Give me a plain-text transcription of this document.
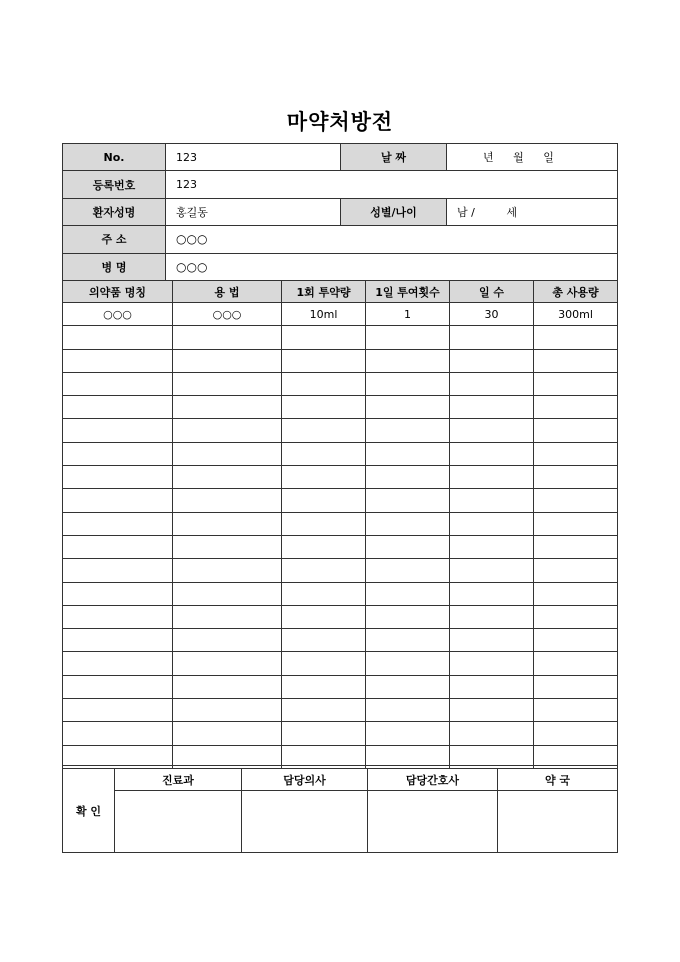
마약처방전
No.	123	날 짜	년 월 일
등록번호	123		
환자성명	홍길동	성별/나이	남 / 세
주 소	○○○		
병 명	○○○		
의약품 명칭	용 법	1회 투약량	1일 투여횟수	일 수	총 사용량
○○○	○○○	10ml	1	30	300ml

확 인	진료과	담당의사	담당간호사	약 국
